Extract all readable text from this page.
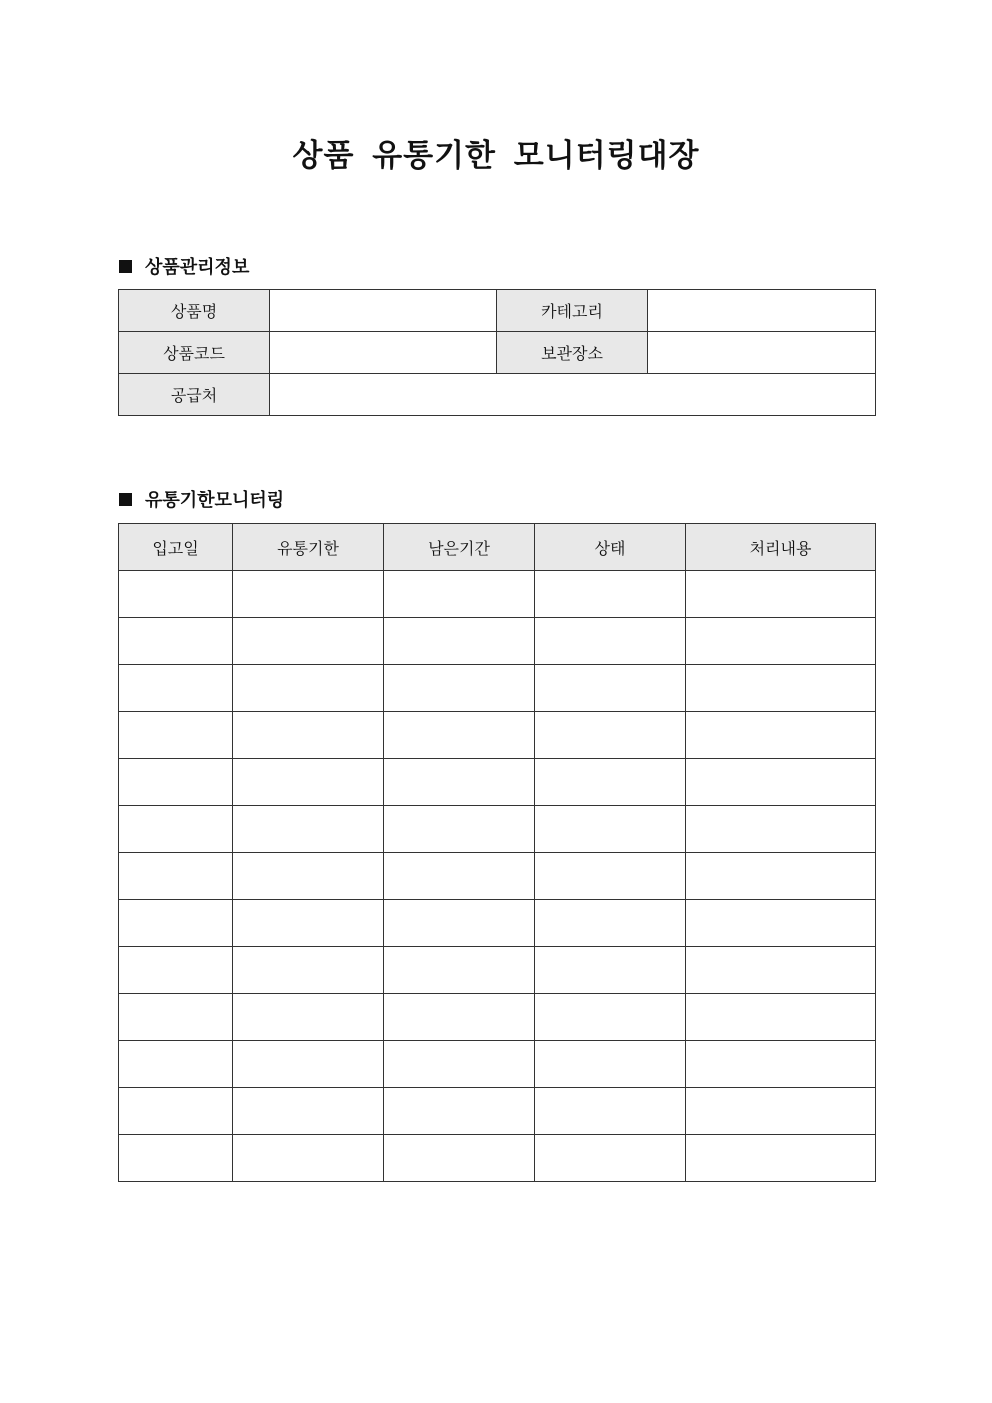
상품 유통기한 모니터링대장
상품관리정보
상품명		카테고리	
상품코드		보관장소	
공급처			
유통기한모니터링
입고일	유통기한	남은기간	상태	처리내용
